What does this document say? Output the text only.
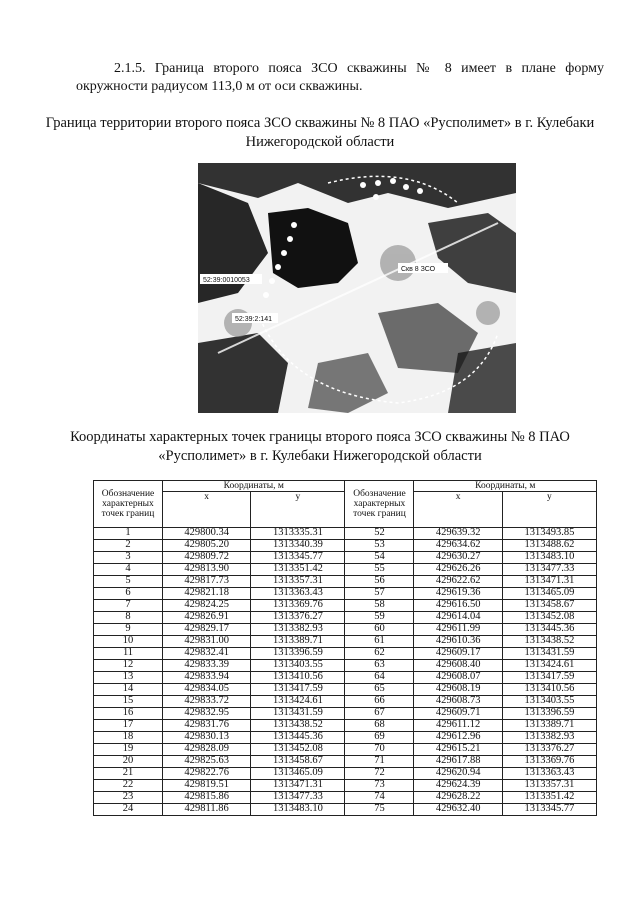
2.1.5. Граница второго пояса ЗСО скважины № 8 имеет в плане форму окружности радиусом 113,0 м от оси скважины.
Граница территории второго пояса ЗСО скважины № 8 ПАО «Русполимет» в г. Кулебаки Нижегородской области
52:39:0010053
52:39:2:141
Скв 8 ЗСО
Координаты характерных точек границы второго пояса ЗСО скважины № 8 ПАО «Русполимет» в г. Кулебаки Нижегородской области
Обозначение характерных точек границ	Координаты, м		Обозначение характерных точек границ	Координаты, м	
	x	y		x	y
1	429800.34	1313335.31	52	429639.32	1313493.85
2	429805.20	1313340.39	53	429634.62	1313488.62
3	429809.72	1313345.77	54	429630.27	1313483.10
4	429813.90	1313351.42	55	429626.26	1313477.33
5	429817.73	1313357.31	56	429622.62	1313471.31
6	429821.18	1313363.43	57	429619.36	1313465.09
7	429824.25	1313369.76	58	429616.50	1313458.67
8	429826.91	1313376.27	59	429614.04	1313452.08
9	429829.17	1313382.93	60	429611.99	1313445.36
10	429831.00	1313389.71	61	429610.36	1313438.52
11	429832.41	1313396.59	62	429609.17	1313431.59
12	429833.39	1313403.55	63	429608.40	1313424.61
13	429833.94	1313410.56	64	429608.07	1313417.59
14	429834.05	1313417.59	65	429608.19	1313410.56
15	429833.72	1313424.61	66	429608.73	1313403.55
16	429832.95	1313431.59	67	429609.71	1313396.59
17	429831.76	1313438.52	68	429611.12	1313389.71
18	429830.13	1313445.36	69	429612.96	1313382.93
19	429828.09	1313452.08	70	429615.21	1313376.27
20	429825.63	1313458.67	71	429617.88	1313369.76
21	429822.76	1313465.09	72	429620.94	1313363.43
22	429819.51	1313471.31	73	429624.39	1313357.31
23	429815.86	1313477.33	74	429628.22	1313351.42
24	429811.86	1313483.10	75	429632.40	1313345.77
